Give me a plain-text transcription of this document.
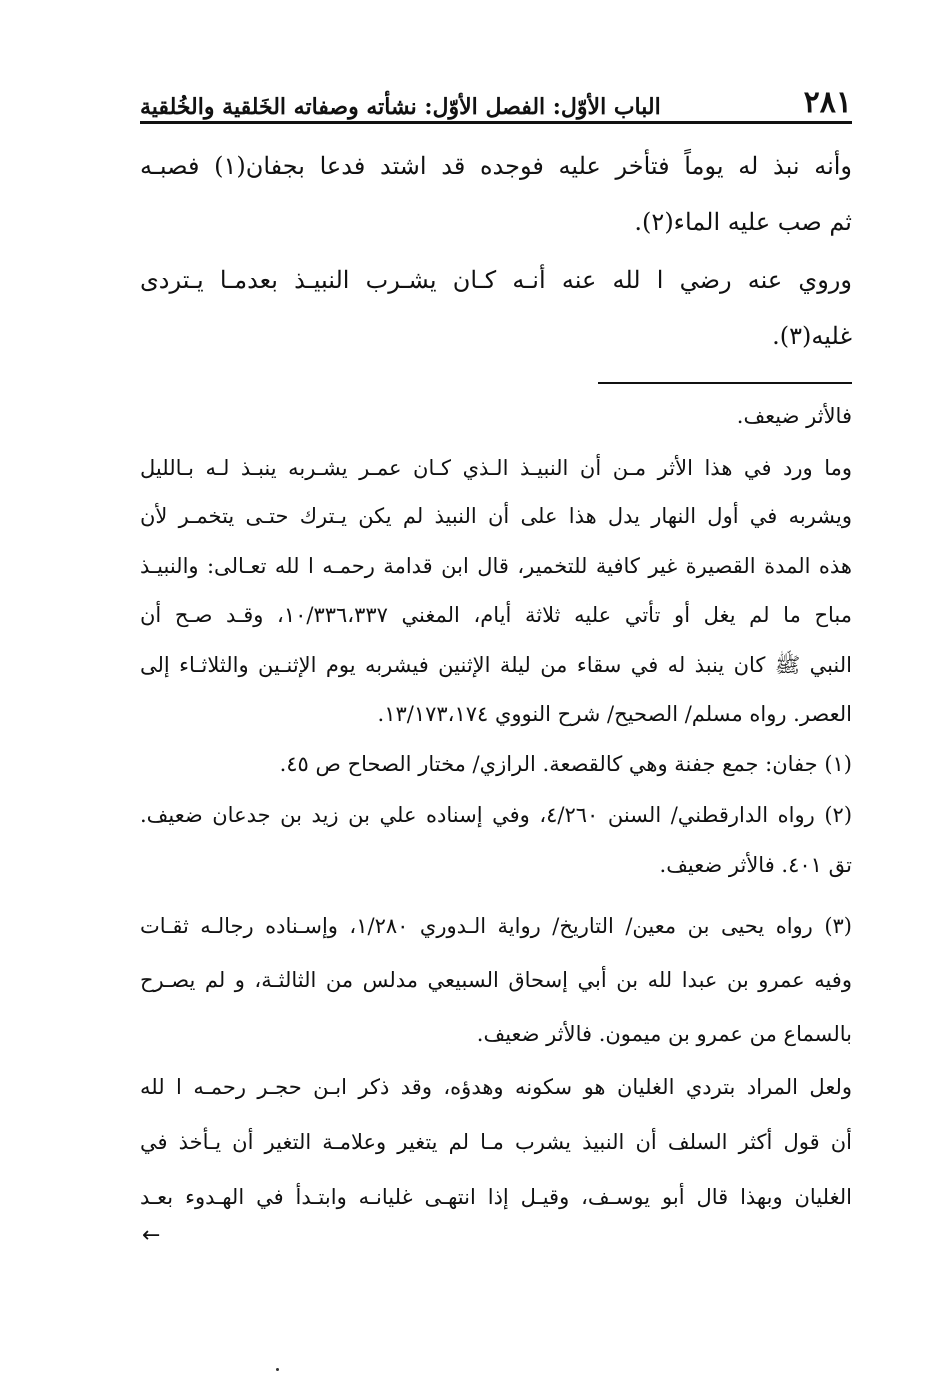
٢٨١
الباب الأوّل: الفصل الأوّل: نشأته وصفاته الخَلقية والخُلقية
وأنه نبذ له يوماً فتأخر عليه فوجده قد اشتد فدعا بجفان(١) فصبـه
ثم صب عليه الماء(٢).
وروي عنه رضي ا لله عنه أنـه كـان يشـرب النبيـذ بعدمـا يـتردى
غليه(٣).
فالأثر ضيعف.
وما ورد في هذا الأثر مـن أن النبيـذ الـذي كـان عمـر يشـربه ينبـذ لـه بـالليل
ويشربه في أول النهار يدل هذا على أن النبيذ لم يكن يـترك حتـى يتخمـر لأن
هذه المدة القصيرة غير كافية للتخمير، قال ابن قدامة رحمـه ا لله تعـالى: والنبيـذ
مباح ما لم يغل أو تأتي عليه ثلاثة أيام، المغني ١٠/٣٣٦،٣٣٧، وقـد صـح أن
النبي ﷺ كان ينبذ له في سقاء من ليلة الإثنين فيشربه يوم الإثنـين والثلاثـاء إلى
العصر. رواه مسلم/ الصحيح/ شرح النووي ١٣/١٧٣،١٧٤.
(١) جفان: جمع جفنة وهي كالقصعة. الرازي/ مختار الصحاح ص ٤٥.
(٢) رواه الدارقطني/ السنن ٤/٢٦٠، وفي إسناده علي بن زيد بن جدعان ضعيف.
تق ٤٠١. فالأثر ضعيف.
(٣) رواه يحيى بن معين/ التاريخ/ رواية الـدوري ١/٢٨٠، وإسـناده رجالـه ثقـات
وفيه عمرو بن عبدا لله بن أبي إسحاق السبيعي مدلس من الثالثـة، و لم يصـرح
بالسماع من عمرو بن ميمون. فالأثر ضعيف.
ولعل المراد بتردي الغليان هو سكونه وهدؤه، وقد ذكر ابـن حجـر رحمـه ا لله
أن قول أكثر السلف أن النبيذ يشرب مـا لم يتغير وعلامـة التغير أن يـأخذ في
الغليان وبهذا قال أبو يوسـف، وقيـل إذا انتهـى غليانـه وابتـدأ في الهـدوء بعـد
←
